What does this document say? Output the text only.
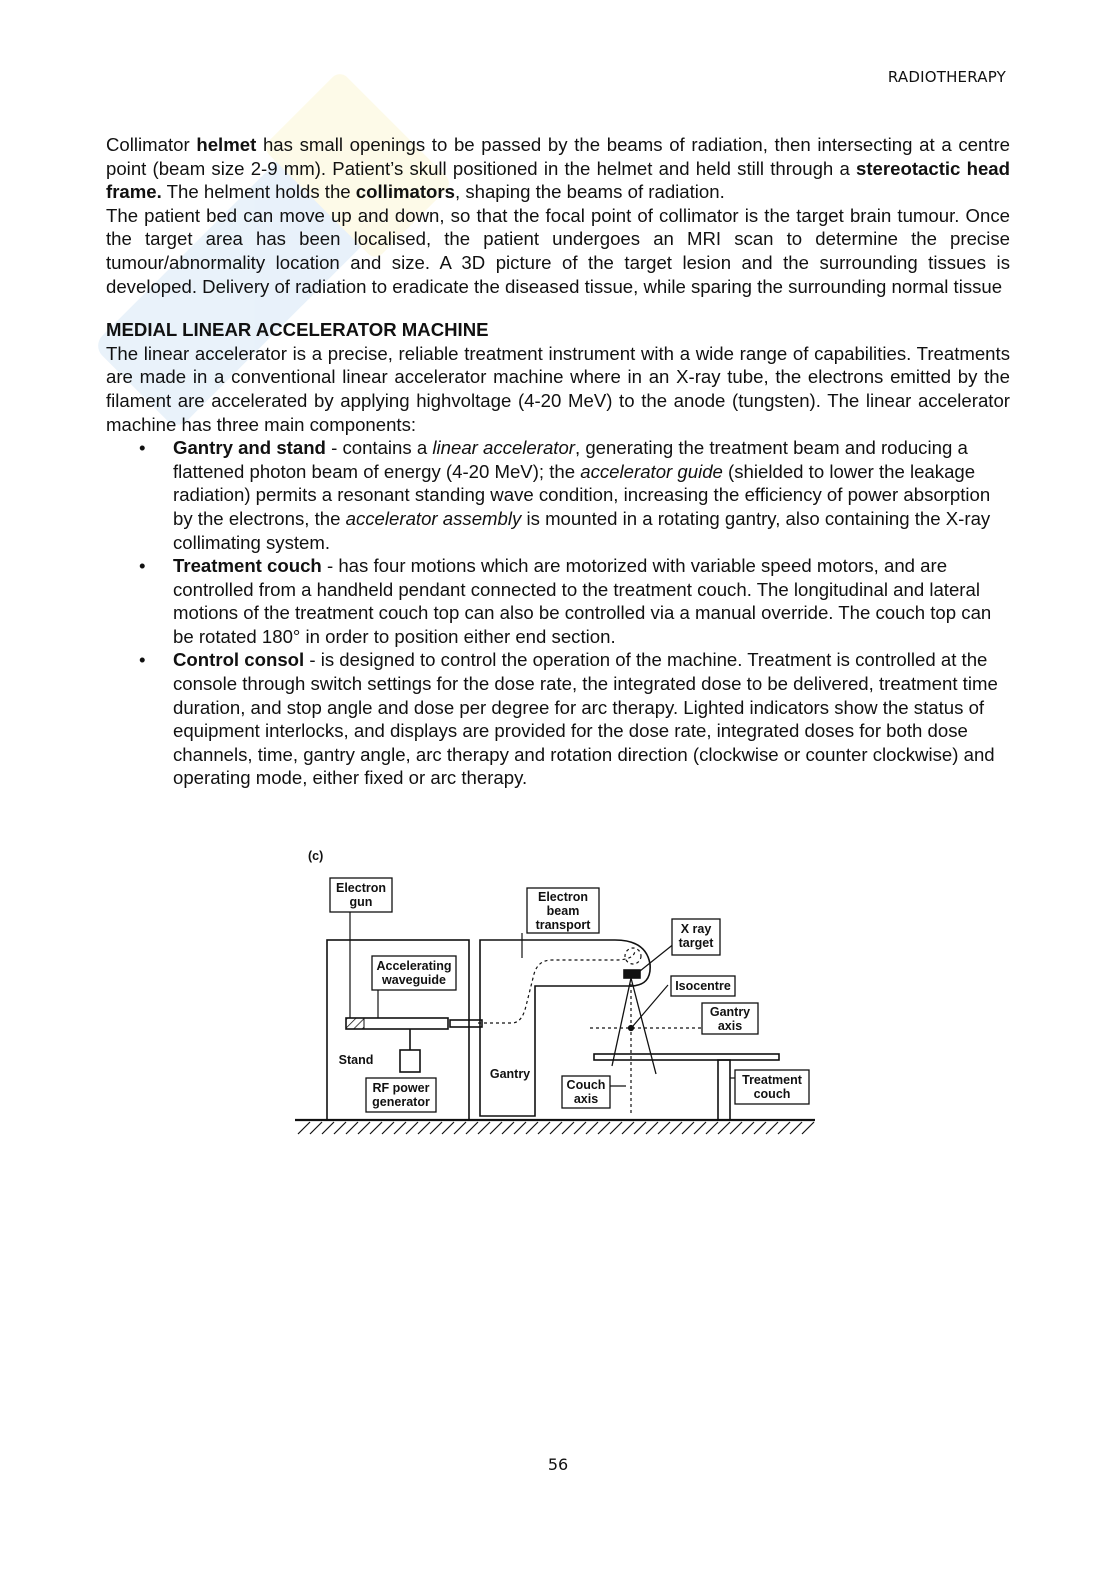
RADIOTHERAPY

Collimator helmet has small openings to be passed by the beams of radiation, then intersecting at a centre point (beam size 2-9 mm). Patient’s skull positioned in the helmet and held still through a stereotactic head frame. The helment holds the collimators, shaping the beams of radiation.

The patient bed can move up and down, so that the focal point of collimator is the target brain tumour. Once the target area has been localised, the patient undergoes an MRI scan to determine the precise tumour/abnormality location and size. A 3D picture of the target lesion and the surrounding tissues is developed. Delivery of radiation to eradicate the diseased tissue, while sparing the surrounding normal tissue

MEDIAL LINEAR ACCELERATOR MACHINE

The linear accelerator is a precise, reliable treatment instrument with a wide range of capabilities. Treatments are made in a conventional linear accelerator machine where in an X-ray tube, the electrons emitted by the filament are accelerated by applying highvoltage (4-20 MeV) to the anode (tungsten). The linear accelerator machine has three main components:

• Gantry and stand - contains a linear accelerator, generating the treatment beam and roducing a flattened photon beam of energy (4-20 MeV); the accelerator guide (shielded to lower the leakage radiation) permits a resonant standing wave condition, increasing the efficiency of power absorption by the electrons, the accelerator assembly is mounted in a rotating gantry, also containing the X-ray collimating system.
• Treatment couch - has four motions which are motorized with variable speed motors, and are controlled from a handheld pendant connected to the treatment couch. The longitudinal and lateral motions of the treatment couch top can also be controlled via a manual override. The couch top can be rotated 180° in order to position either end section.
• Control consol - is designed to control the operation of the machine. Treatment is controlled at the console through switch settings for the dose rate, the integrated dose to be delivered, treatment time duration, and stop angle and dose per degree for arc therapy. Lighted indicators show the status of equipment interlocks, and displays are provided for the dose rate, integrated doses for both dose channels, time, gantry angle, arc therapy and rotation direction (clockwise or counter clockwise) and operating mode, either fixed or arc therapy.
(c)
Electron
gun
Accelerating
waveguide
Stand
RF power
generator
Gantry
Electron
beam
transport	X ray
target
Isocentre
Gantry
axis
Couch
axis
Treatment
couch
56
